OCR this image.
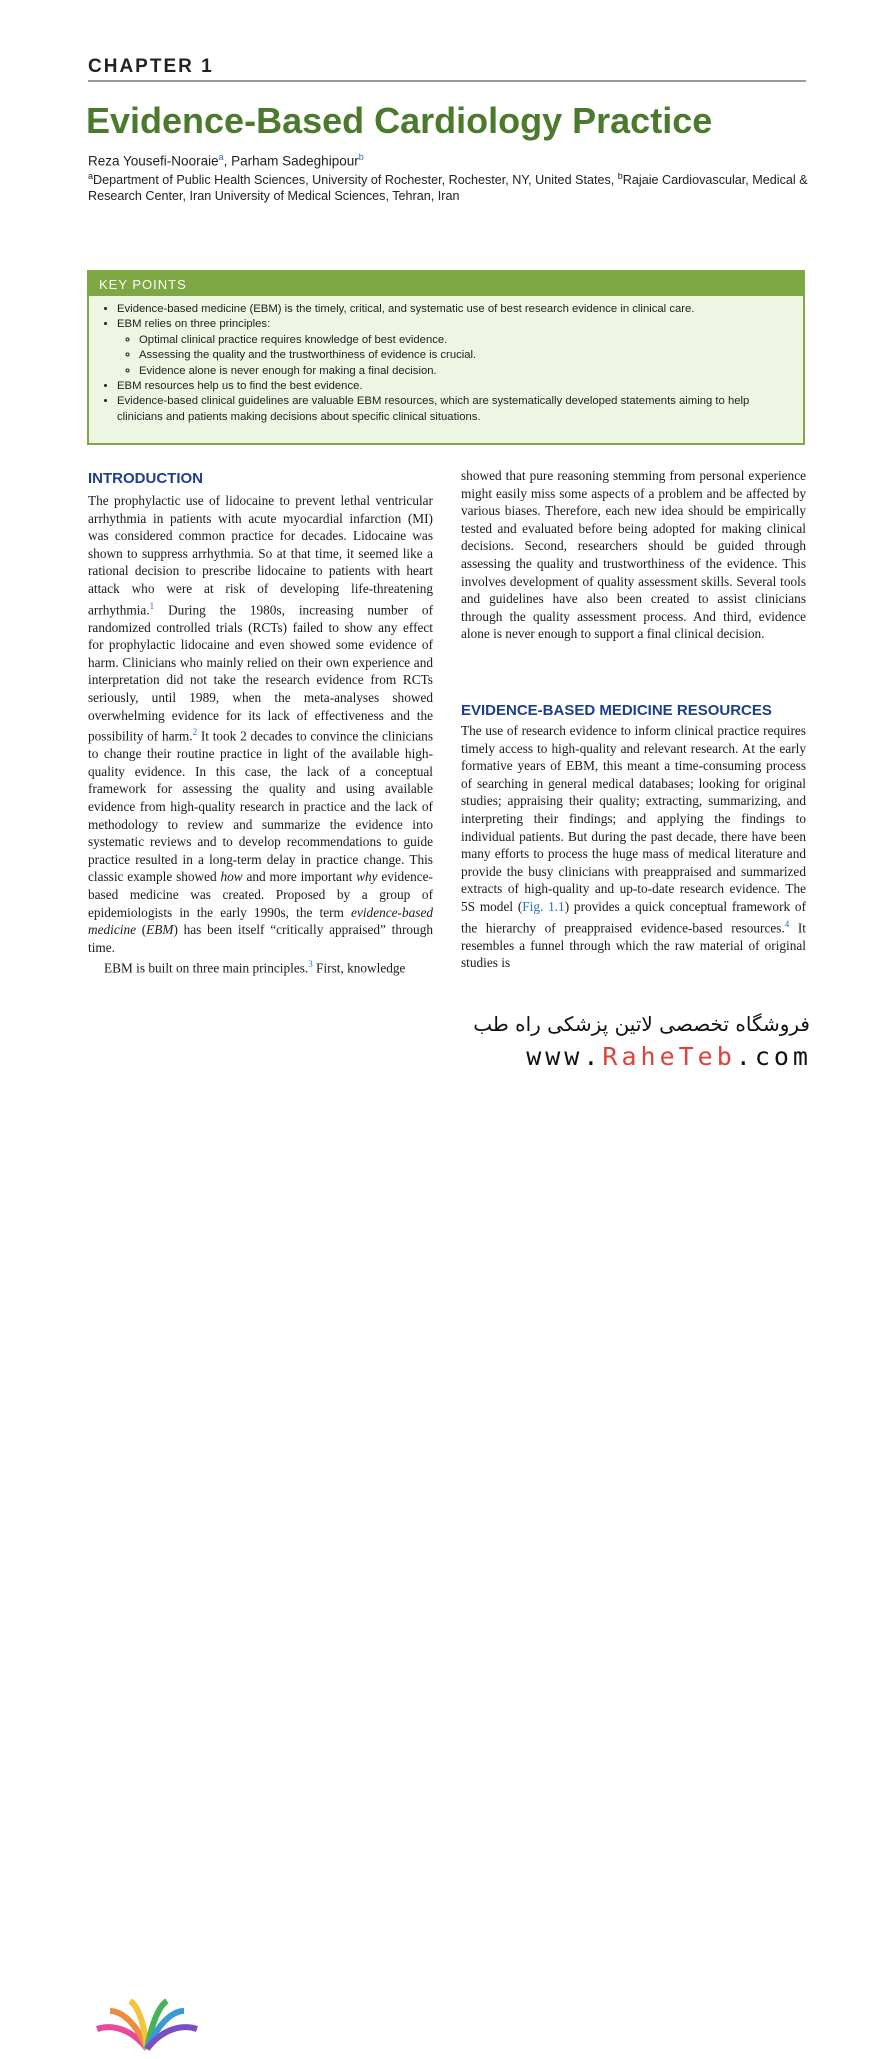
CHAPTER 1
Evidence-Based Cardiology Practice
Reza Yousefi-Nooraie$^a$, Parham Sadeghipour$^b$
$^a$Department of Public Health Sciences, University of Rochester, Rochester, NY, United States, $^b$Rajaie Cardiovascular, Medical & Research Center, Iran University of Medical Sciences, Tehran, Iran
KEY POINTS
• Evidence-based medicine (EBM) is the timely, critical, and systematic use of best research evidence in clinical care.
• EBM relies on three principles:
◦ Optimal clinical practice requires knowledge of best evidence.
◦ Assessing the quality and the trustworthiness of evidence is crucial.
◦ Evidence alone is never enough for making a final decision.
• EBM resources help us to find the best evidence.
• Evidence-based clinical guidelines are valuable EBM resources, which are systematically developed statements aiming to help clinicians and patients making decisions about specific clinical situations.
INTRODUCTION

The prophylactic use of lidocaine to prevent lethal ventricular arrhythmia in patients with acute myocardial infarction (MI) was considered common practice for decades. Lidocaine was shown to suppress arrhythmia. So at that time, it seemed like a rational decision to prescribe lidocaine to patients with heart attack who were at risk of developing life-threatening arrhythmia.$^1$ During the 1980s, increasing number of randomized controlled trials (RCTs) failed to show any effect for prophylactic lidocaine and even showed some evidence of harm. Clinicians who mainly relied on their own experience and interpretation did not take the research evidence from RCTs seriously, until 1989, when the meta-analyses showed overwhelming evidence for its lack of effectiveness and the possibility of harm.$^2$ It took 2 decades to convince the clinicians to change their routine practice in light of the available high-quality evidence. In this case, the lack of a conceptual framework for assessing the quality and using available evidence from high-quality research in practice and the lack of methodology to review and summarize the evidence into systematic reviews and to develop recommendations to guide practice resulted in a long-term delay in practice change. This classic example showed how and more important why evidence-based medicine was created. Proposed by a group of epidemiologists in the early 1990s, the term evidence-based medicine (EBM) has been itself “critically appraised” through time.

EBM is built on three main principles.$^3$ First, knowledge

showed that pure reasoning stemming from personal experience might easily miss some aspects of a problem and be affected by various biases. Therefore, each new idea should be empirically tested and evaluated before being adopted for making clinical decisions. Second, researchers should be guided through assessing the quality and trustworthiness of the evidence. This involves development of quality assessment skills. Several tools and guidelines have also been created to assist clinicians through the quality assessment process. And third, evidence alone is never enough to support a final clinical decision.

EVIDENCE-BASED MEDICINE RESOURCES

The use of research evidence to inform clinical practice requires timely access to high-quality and relevant research. At the early formative years of EBM, this meant a time-consuming process of searching in general medical databases; looking for original studies; appraising their quality; extracting, summarizing, and interpreting their findings; and applying the findings to individual patients. But during the past decade, there have been many efforts to process the huge mass of medical literature and provide the busy clinicians with preappraised and summarized extracts of high-quality and up-to-date research evidence. The 5S model (Fig. 1.1) provides a quick conceptual framework of the hierarchy of preappraised evidence-based resources.$^4$ It resembles a funnel through which the raw material of original studies is

فروشگاه تخصصی لاتین پزشکی راه طب
www.RaheTeb.com
